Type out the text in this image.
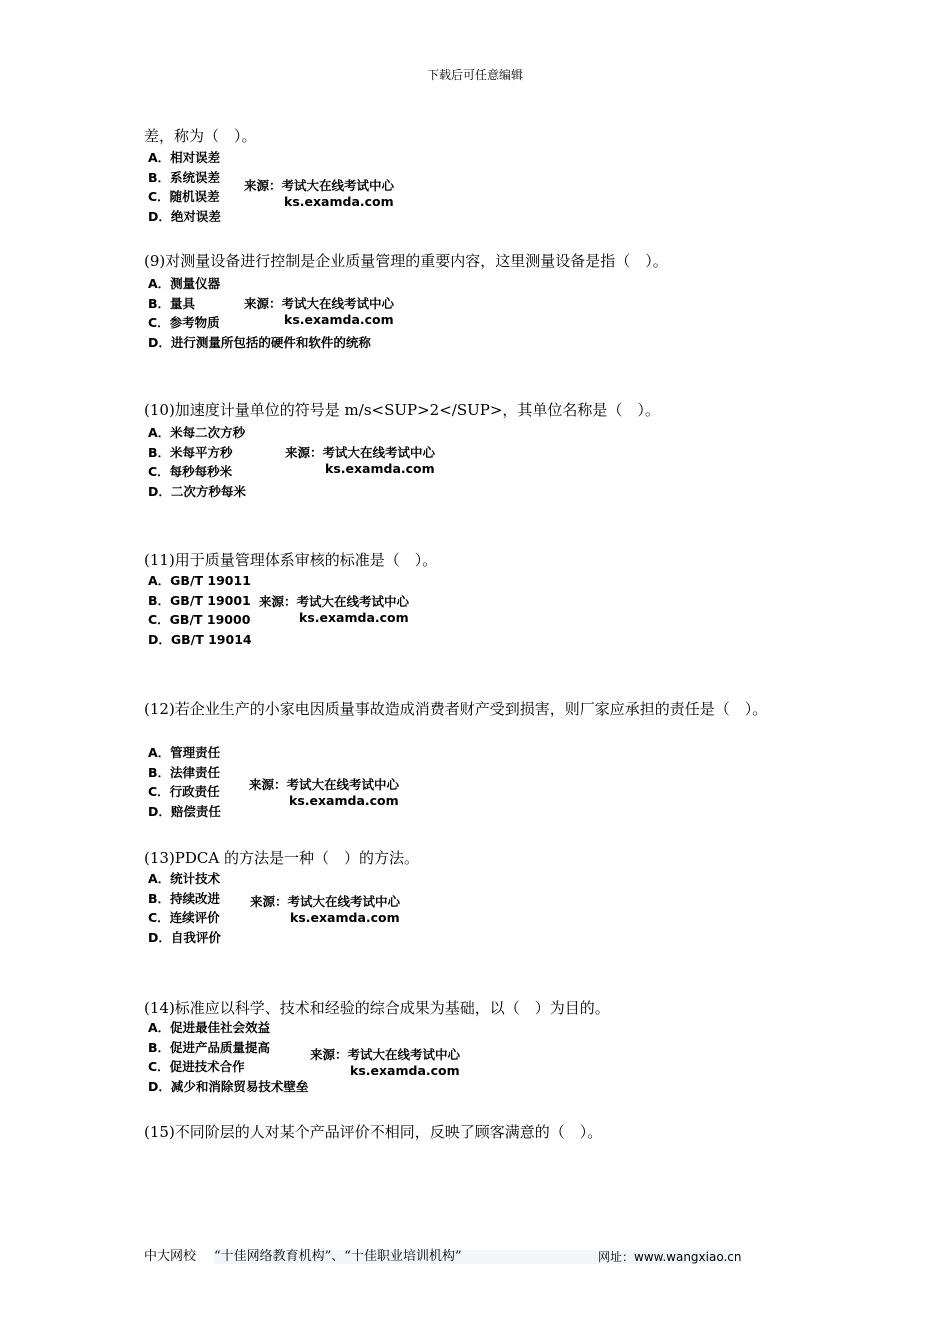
下载后可任意编辑
差，称为（　）。
A．相对误差
B．系统误差
C．随机误差
D．绝对误差
来源：考试大在线考试中心
ks.examda.com
(9)对测量设备进行控制是企业质量管理的重要内容，这里测量设备是指（　）。
A．测量仪器
B．量具
C．参考物质
D．进行测量所包括的硬件和软件的统称
来源：考试大在线考试中心
ks.examda.com
(10)加速度计量单位的符号是 m/s<SUP>2</SUP>，其单位名称是（　）。
A．米每二次方秒
B．米每平方秒
C．每秒每秒米
D．二次方秒每米
来源：考试大在线考试中心
ks.examda.com
(11)用于质量管理体系审核的标准是（　）。
A．GB/T 19011
B．GB/T 19001
C．GB/T 19000
D．GB/T 19014
来源：考试大在线考试中心
ks.examda.com
(12)若企业生产的小家电因质量事故造成消费者财产受到损害，则厂家应承担的责任是（　）。
A．管理责任
B．法律责任
C．行政责任
D．赔偿责任
来源：考试大在线考试中心
ks.examda.com
(13)PDCA 的方法是一种（　）的方法。
A．统计技术
B．持续改进
C．连续评价
D．自我评价
来源：考试大在线考试中心
ks.examda.com
(14)标准应以科学、技术和经验的综合成果为基础，以（　）为目的。
A．促进最佳社会效益
B．促进产品质量提高
C．促进技术合作
D．减少和消除贸易技术壁垒
来源：考试大在线考试中心
ks.examda.com
(15)不同阶层的人对某个产品评价不相同，反映了顾客满意的（　）。
中大网校 “十佳网络教育机构”、“十佳职业培训机构”	网址：www.wangxiao.cn
